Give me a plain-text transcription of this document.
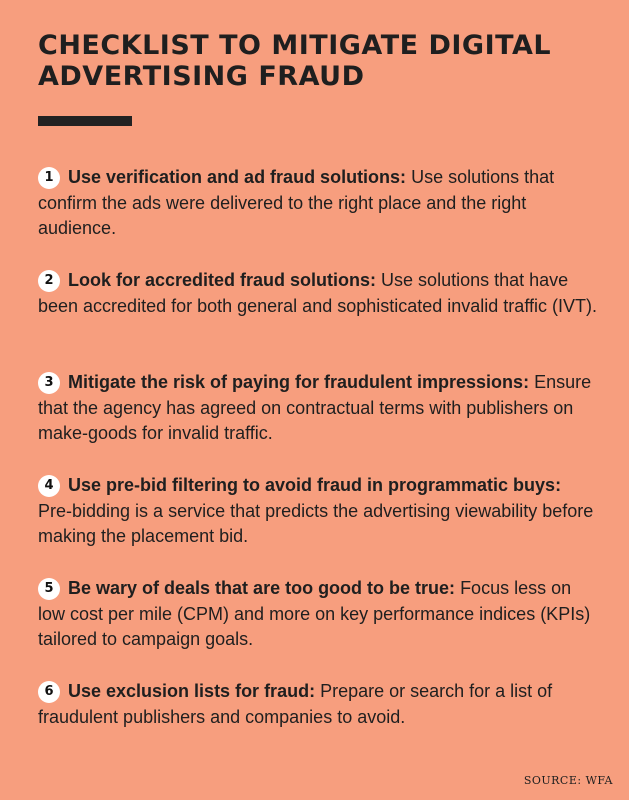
CHECKLIST TO MITIGATE DIGITAL
ADVERTISING FRAUD
1 Use verification and ad fraud solutions: Use solutions that confirm the ads were delivered to the right place and the right audience.
2 Look for accredited fraud solutions: Use solutions that have been accredited for both general and sophisticated invalid traffic (IVT).
3 Mitigate the risk of paying for fraudulent impressions: Ensure that the agency has agreed on contractual terms with publishers on make-goods for invalid traffic.
4 Use pre-bid filtering to avoid fraud in programmatic buys: Pre-bidding is a service that predicts the advertising viewability before making the placement bid.
5 Be wary of deals that are too good to be true: Focus less on low cost per mile (CPM) and more on key performance indices (KPIs) tailored to campaign goals.
6 Use exclusion lists for fraud: Prepare or search for a list of fraudulent publishers and companies to avoid.
SOURCE: WFA
